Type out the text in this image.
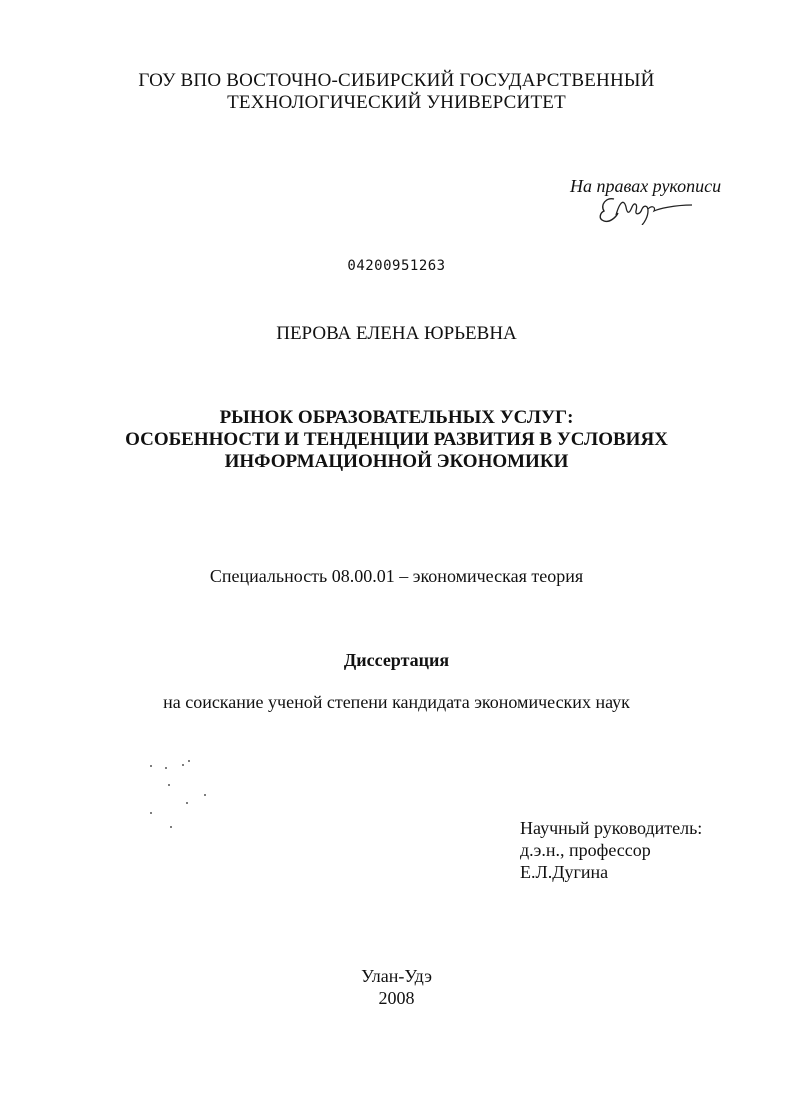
ГОУ ВПО ВОСТОЧНО-СИБИРСКИЙ ГОСУДАРСТВЕННЫЙ
ТЕХНОЛОГИЧЕСКИЙ УНИВЕРСИТЕТ
На правах рукописи
04200951263
ПЕРОВА ЕЛЕНА ЮРЬЕВНА
РЫНОК ОБРАЗОВАТЕЛЬНЫХ УСЛУГ:
ОСОБЕННОСТИ И ТЕНДЕНЦИИ РАЗВИТИЯ В УСЛОВИЯХ
ИНФОРМАЦИОННОЙ ЭКОНОМИКИ
Специальность 08.00.01 – экономическая теория
Диссертация
на соискание ученой степени кандидата экономических наук
Научный руководитель:
д.э.н., профессор
Е.Л.Дугина
Улан-Удэ
2008
